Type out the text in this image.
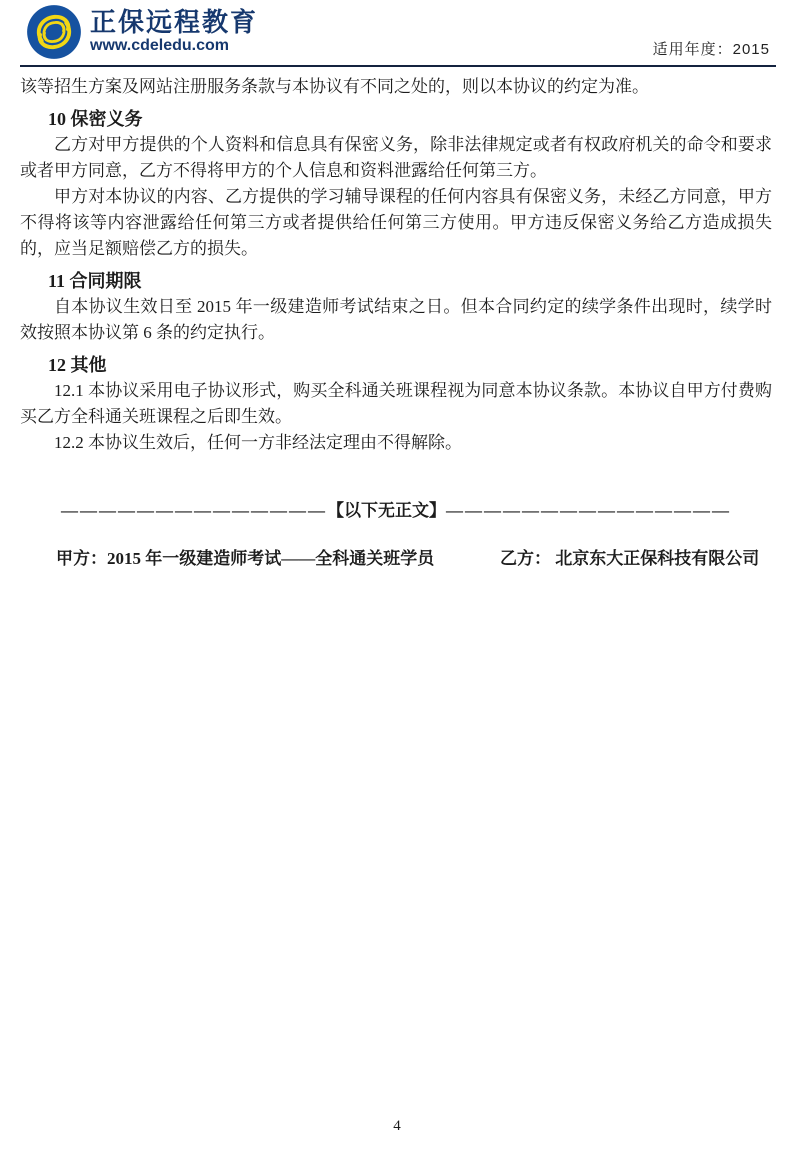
正保远程教育
www.cdeledu.com	适用年度：2015

该等招生方案及网站注册服务条款与本协议有不同之处的，则以本协议的约定为准。

10 保密义务

乙方对甲方提供的个人资料和信息具有保密义务，除非法律规定或者有权政府机关的命令和要求或者甲方同意，乙方不得将甲方的个人信息和资料泄露给任何第三方。

甲方对本协议的内容、乙方提供的学习辅导课程的任何内容具有保密义务，未经乙方同意，甲方不得将该等内容泄露给任何第三方或者提供给任何第三方使用。甲方违反保密义务给乙方造成损失的，应当足额赔偿乙方的损失。

11 合同期限

自本协议生效日至 2015 年一级建造师考试结束之日。但本合同约定的续学条件出现时，续学时效按照本协议第 6 条的约定执行。

12 其他

12.1 本协议采用电子协议形式，购买全科通关班课程视为同意本协议条款。本协议自甲方付费购买乙方全科通关班课程之后即生效。

12.2 本协议生效后，任何一方非经法定理由不得解除。

——————————————【以下无正文】———————————————
甲方：2015 年一级建造师考试——全科通关班学员	乙方： 北京东大正保科技有限公司
4
